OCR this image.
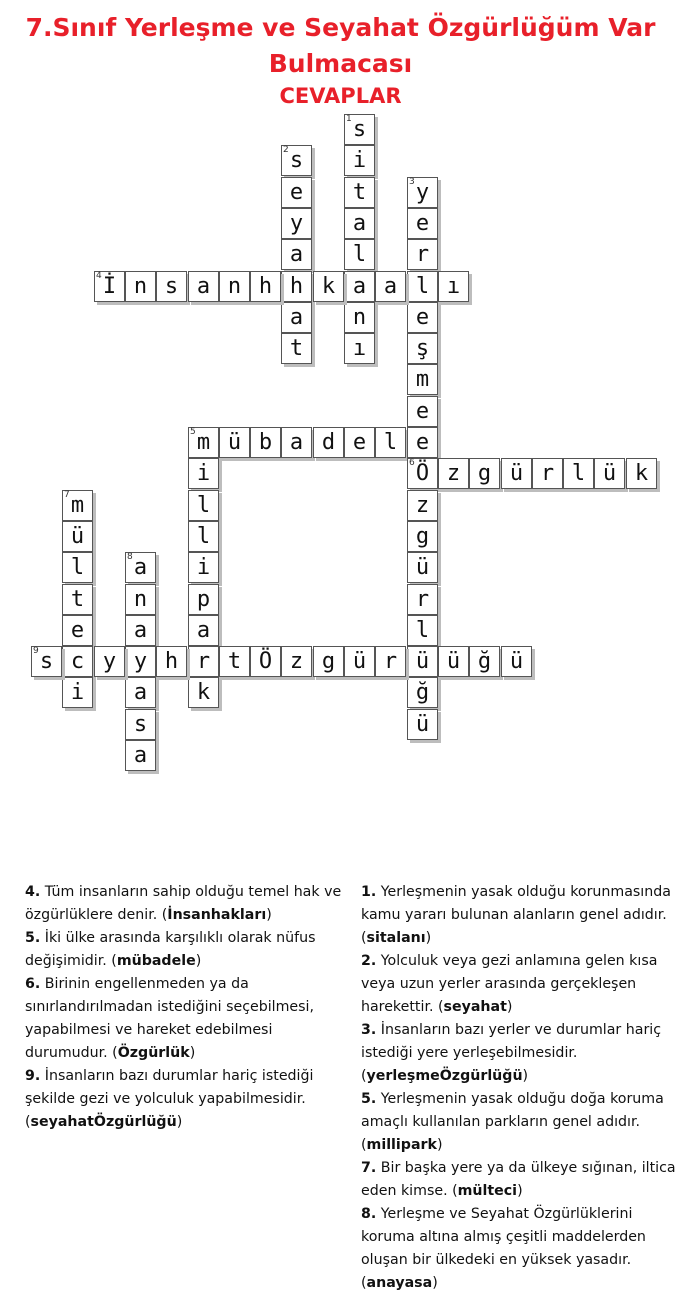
7.Sınıf Yerleşme ve Seyahat Özgürlüğüm Var
Bulmacası
CEVAPLAR
s
1
i
t
a
l
a
n
ı
s
2
e
y
a
h
a
t
y
3
e
r
l
e
ş
m
e
İ
4	n s a n h	k	a	ı
m
5	ü b a d e l e
i
l
l
i
p
a
r
k
Ö
6	z g ü r l ü k
z
g
ü
r
l
ü
ğ
ü
m
7
ü
l
t
e
c
i
a
8
n
a
y
a
s
a
s
9	y	h	t Ö z g ü r	ü ğ ü

4. Tüm insanların sahip olduğu temel hak ve özgürlüklere denir. (İnsanhakları)

5. İki ülke arasında karşılıklı olarak nüfus değişimidir. (mübadele)

6. Birinin engellenmeden ya da sınırlandırılmadan istediğini seçebilmesi, yapabilmesi ve hareket edebilmesi durumudur. (Özgürlük)

9. İnsanların bazı durumlar hariç istediği şekilde gezi ve yolculuk yapabilmesidir. (seyahatÖzgürlüğü)

1. Yerleşmenin yasak olduğu korunmasında kamu yararı bulunan alanların genel adıdır. (sitalanı)

2. Yolculuk veya gezi anlamına gelen kısa veya uzun yerler arasında gerçekleşen harekettir. (seyahat)

3. İnsanların bazı yerler ve durumlar hariç istediği yere yerleşebilmesidir. (yerleşmeÖzgürlüğü)

5. Yerleşmenin yasak olduğu doğa koruma amaçlı kullanılan parkların genel adıdır. (millipark)

7. Bir başka yere ya da ülkeye sığınan, iltica eden kimse. (mülteci)

8. Yerleşme ve Seyahat Özgürlüklerini koruma altına almış çeşitli maddelerden oluşan bir ülkedeki en yüksek yasadır. (anayasa)
